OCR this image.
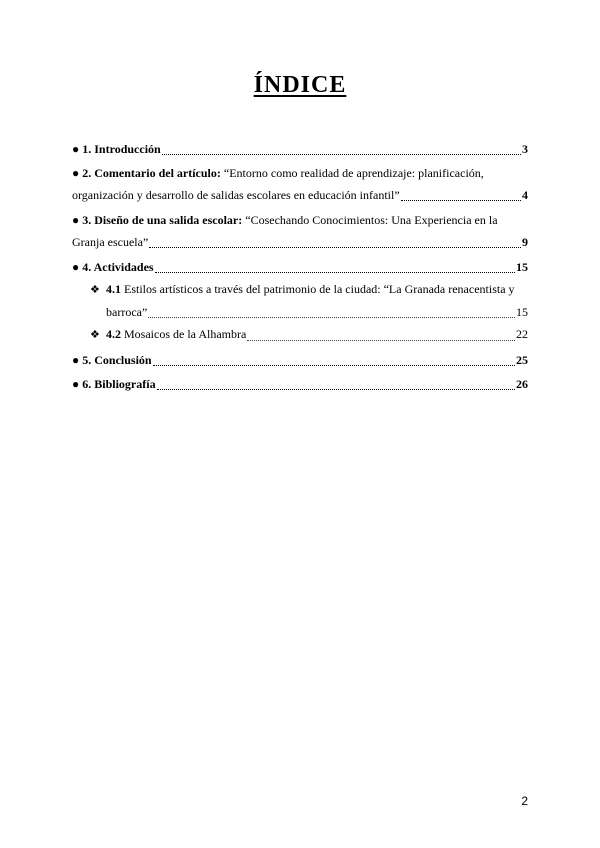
ÍNDICE
● 1. Introducción	3
● 2. Comentario del artículo: “Entorno como realidad de aprendizaje: planificación,
organización y desarrollo de salidas escolares en educación infantil”	4
● 3. Diseño de una salida escolar: “Cosechando Conocimientos: Una Experiencia en la
Granja escuela”	9
● 4. Actividades	15
❖ 4.1 Estilos artísticos a través del patrimonio de la ciudad: “La Granada renacentista y
barroca”	15
❖ 4.2 Mosaicos de la Alhambra	22
● 5. Conclusión	25
● 6. Bibliografía	26
2
